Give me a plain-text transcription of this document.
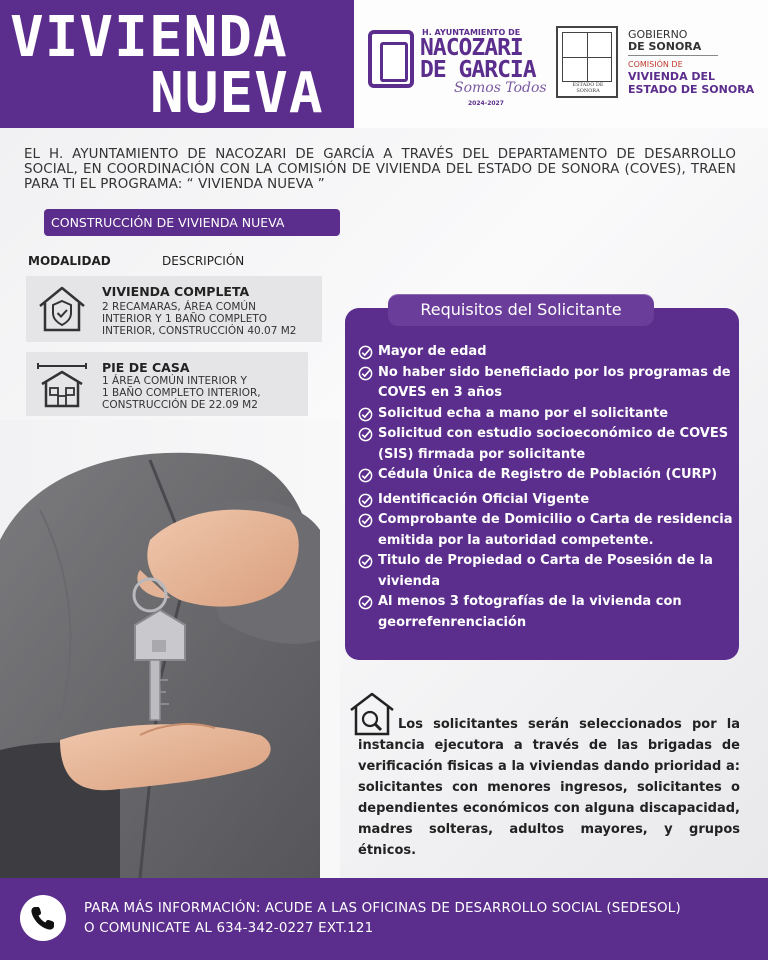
VIVIENDA
NUEVA
H. AYUNTAMIENTO DE
NACOZARI
DE GARCIA
Somos Todos
2024-2027
ESTADO DE SONORA
GOBIERNO
DE SONORA
COMISIÓN DE
VIVIENDA DEL
ESTADO DE SONORA

EL H. AYUNTAMIENTO DE NACOZARI DE GARCÍA A TRAVÉS DEL DEPARTAMENTO DE DESARROLLO SOCIAL, EN COORDINACIÓN CON LA COMISIÓN DE VIVIENDA DEL ESTADO DE SONORA (COVES), TRAEN PARA TI EL PROGRAMA: “ VIVIENDA NUEVA ”

CONSTRUCCIÓN DE VIVIENDA NUEVA
MODALIDAD	DESCRIPCIÓN
VIVIENDA COMPLETA
2 RECAMARAS, ÁREA COMÚN
INTERIOR Y 1 BAÑO COMPLETO
INTERIOR, CONSTRUCCIÓN 40.07 M2
PIE DE CASA
1 ÁREA COMÚN INTERIOR Y
1 BAÑO COMPLETO INTERIOR,
CONSTRUCCIÓN DE 22.09 M2
Requisitos del Solicitante
Mayor de edad
No haber sido beneficiado por los programas de COVES en 3 años
Solicitud echa a mano por el solicitante
Solicitud con estudio socioeconómico de COVES (SIS) firmada por solicitante
Cédula Única de Registro de Población (CURP)
Identificación Oficial Vigente
Comprobante de Domicilio o Carta de residencia emitida por la autoridad competente.
Titulo de Propiedad o Carta de Posesión de la vivienda
Al menos 3 fotografías de la vivienda con georrefenrenciación

Los solicitantes serán seleccionados por la instancia ejecutora a través de las brigadas de verificación fisicas a la viviendas dando prioridad a: solicitantes con menores ingresos, solicitantes o dependientes económicos con alguna discapacidad, madres solteras, adultos mayores, y grupos étnicos.

PARA MÁS INFORMACIÓN: ACUDE A LAS OFICINAS DE DESARROLLO SOCIAL (SEDESOL)
O COMUNICATE AL 634-342-0227 EXT.121
